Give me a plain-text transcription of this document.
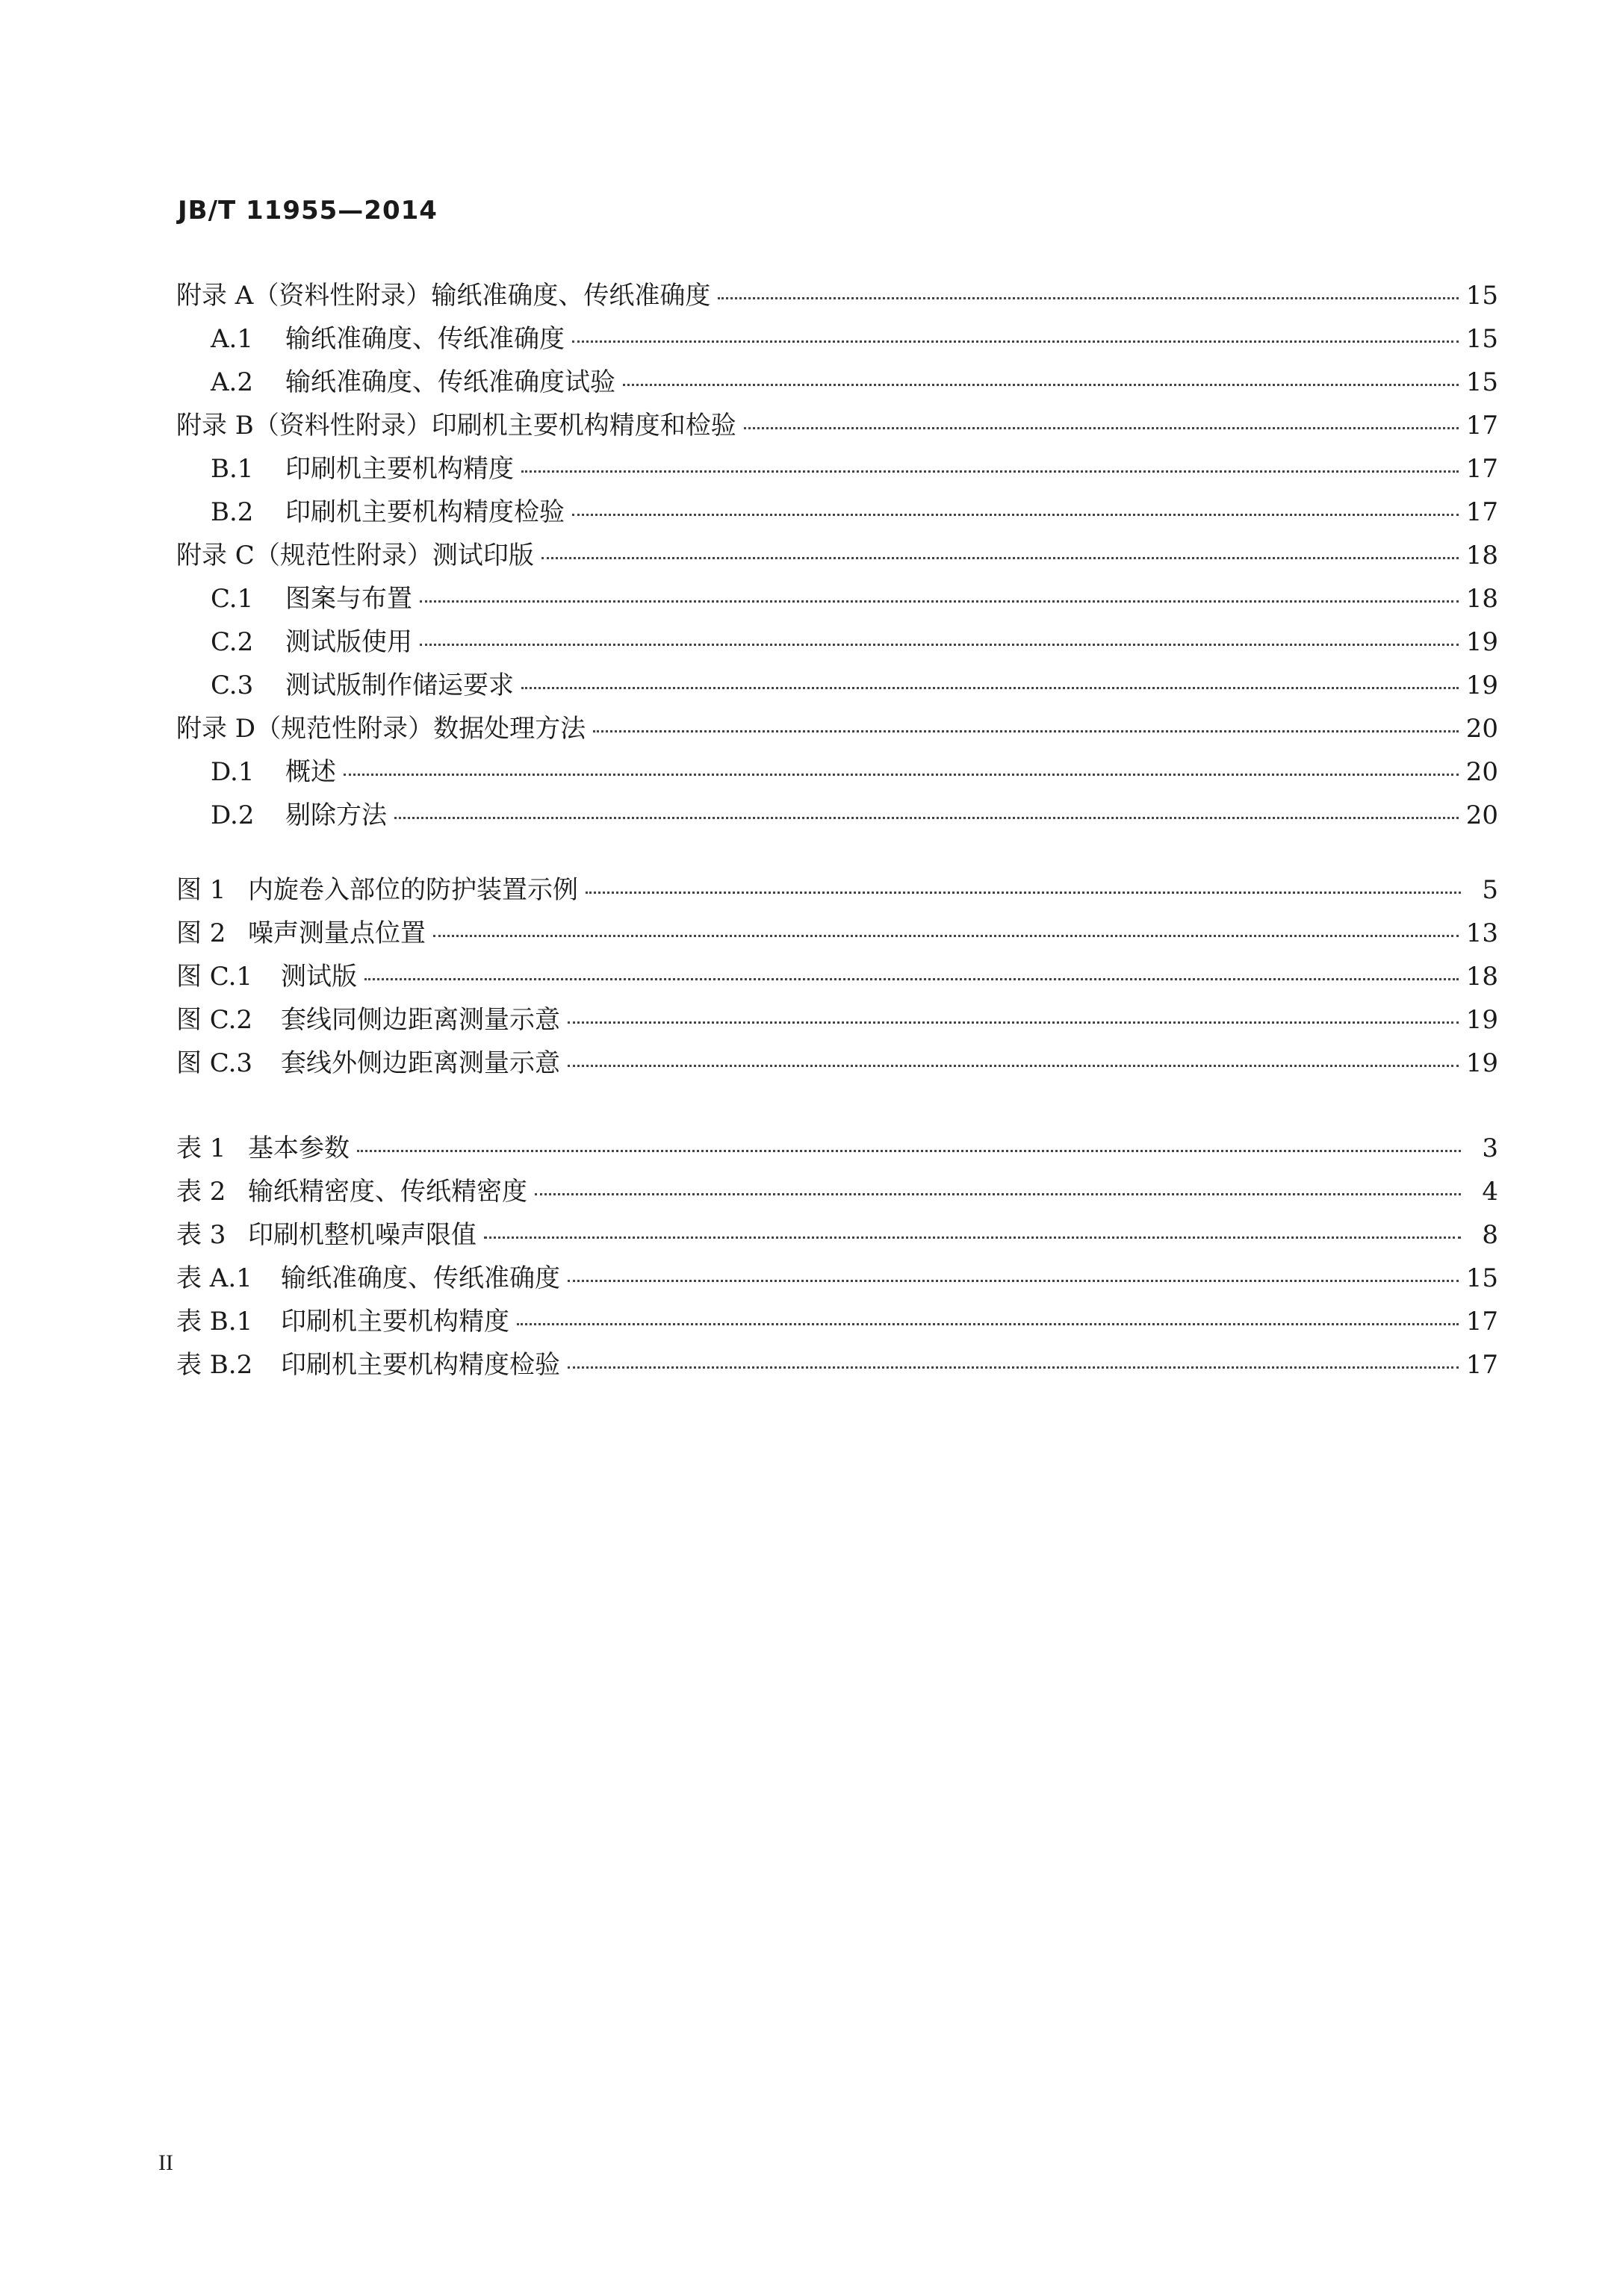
JB/T 11955—2014
附录 A（资料性附录）输纸准确度、传纸准确度	15
A.1 输纸准确度、传纸准确度	15
A.2 输纸准确度、传纸准确度试验	15
附录 B（资料性附录）印刷机主要机构精度和检验	17
B.1 印刷机主要机构精度	17
B.2 印刷机主要机构精度检验	17
附录 C（规范性附录）测试印版	18
C.1 图案与布置	18
C.2 测试版使用	19
C.3 测试版制作储运要求	19
附录 D（规范性附录）数据处理方法	20
D.1 概述	20
D.2 剔除方法	20
图 1 内旋卷入部位的防护装置示例	5
图 2 噪声测量点位置	13
图 C.1 测试版	18
图 C.2 套线同侧边距离测量示意	19
图 C.3 套线外侧边距离测量示意	19
表 1 基本参数	3
表 2 输纸精密度、传纸精密度	4
表 3 印刷机整机噪声限值	8
表 A.1 输纸准确度、传纸准确度	15
表 B.1 印刷机主要机构精度	17
表 B.2 印刷机主要机构精度检验	17
II
